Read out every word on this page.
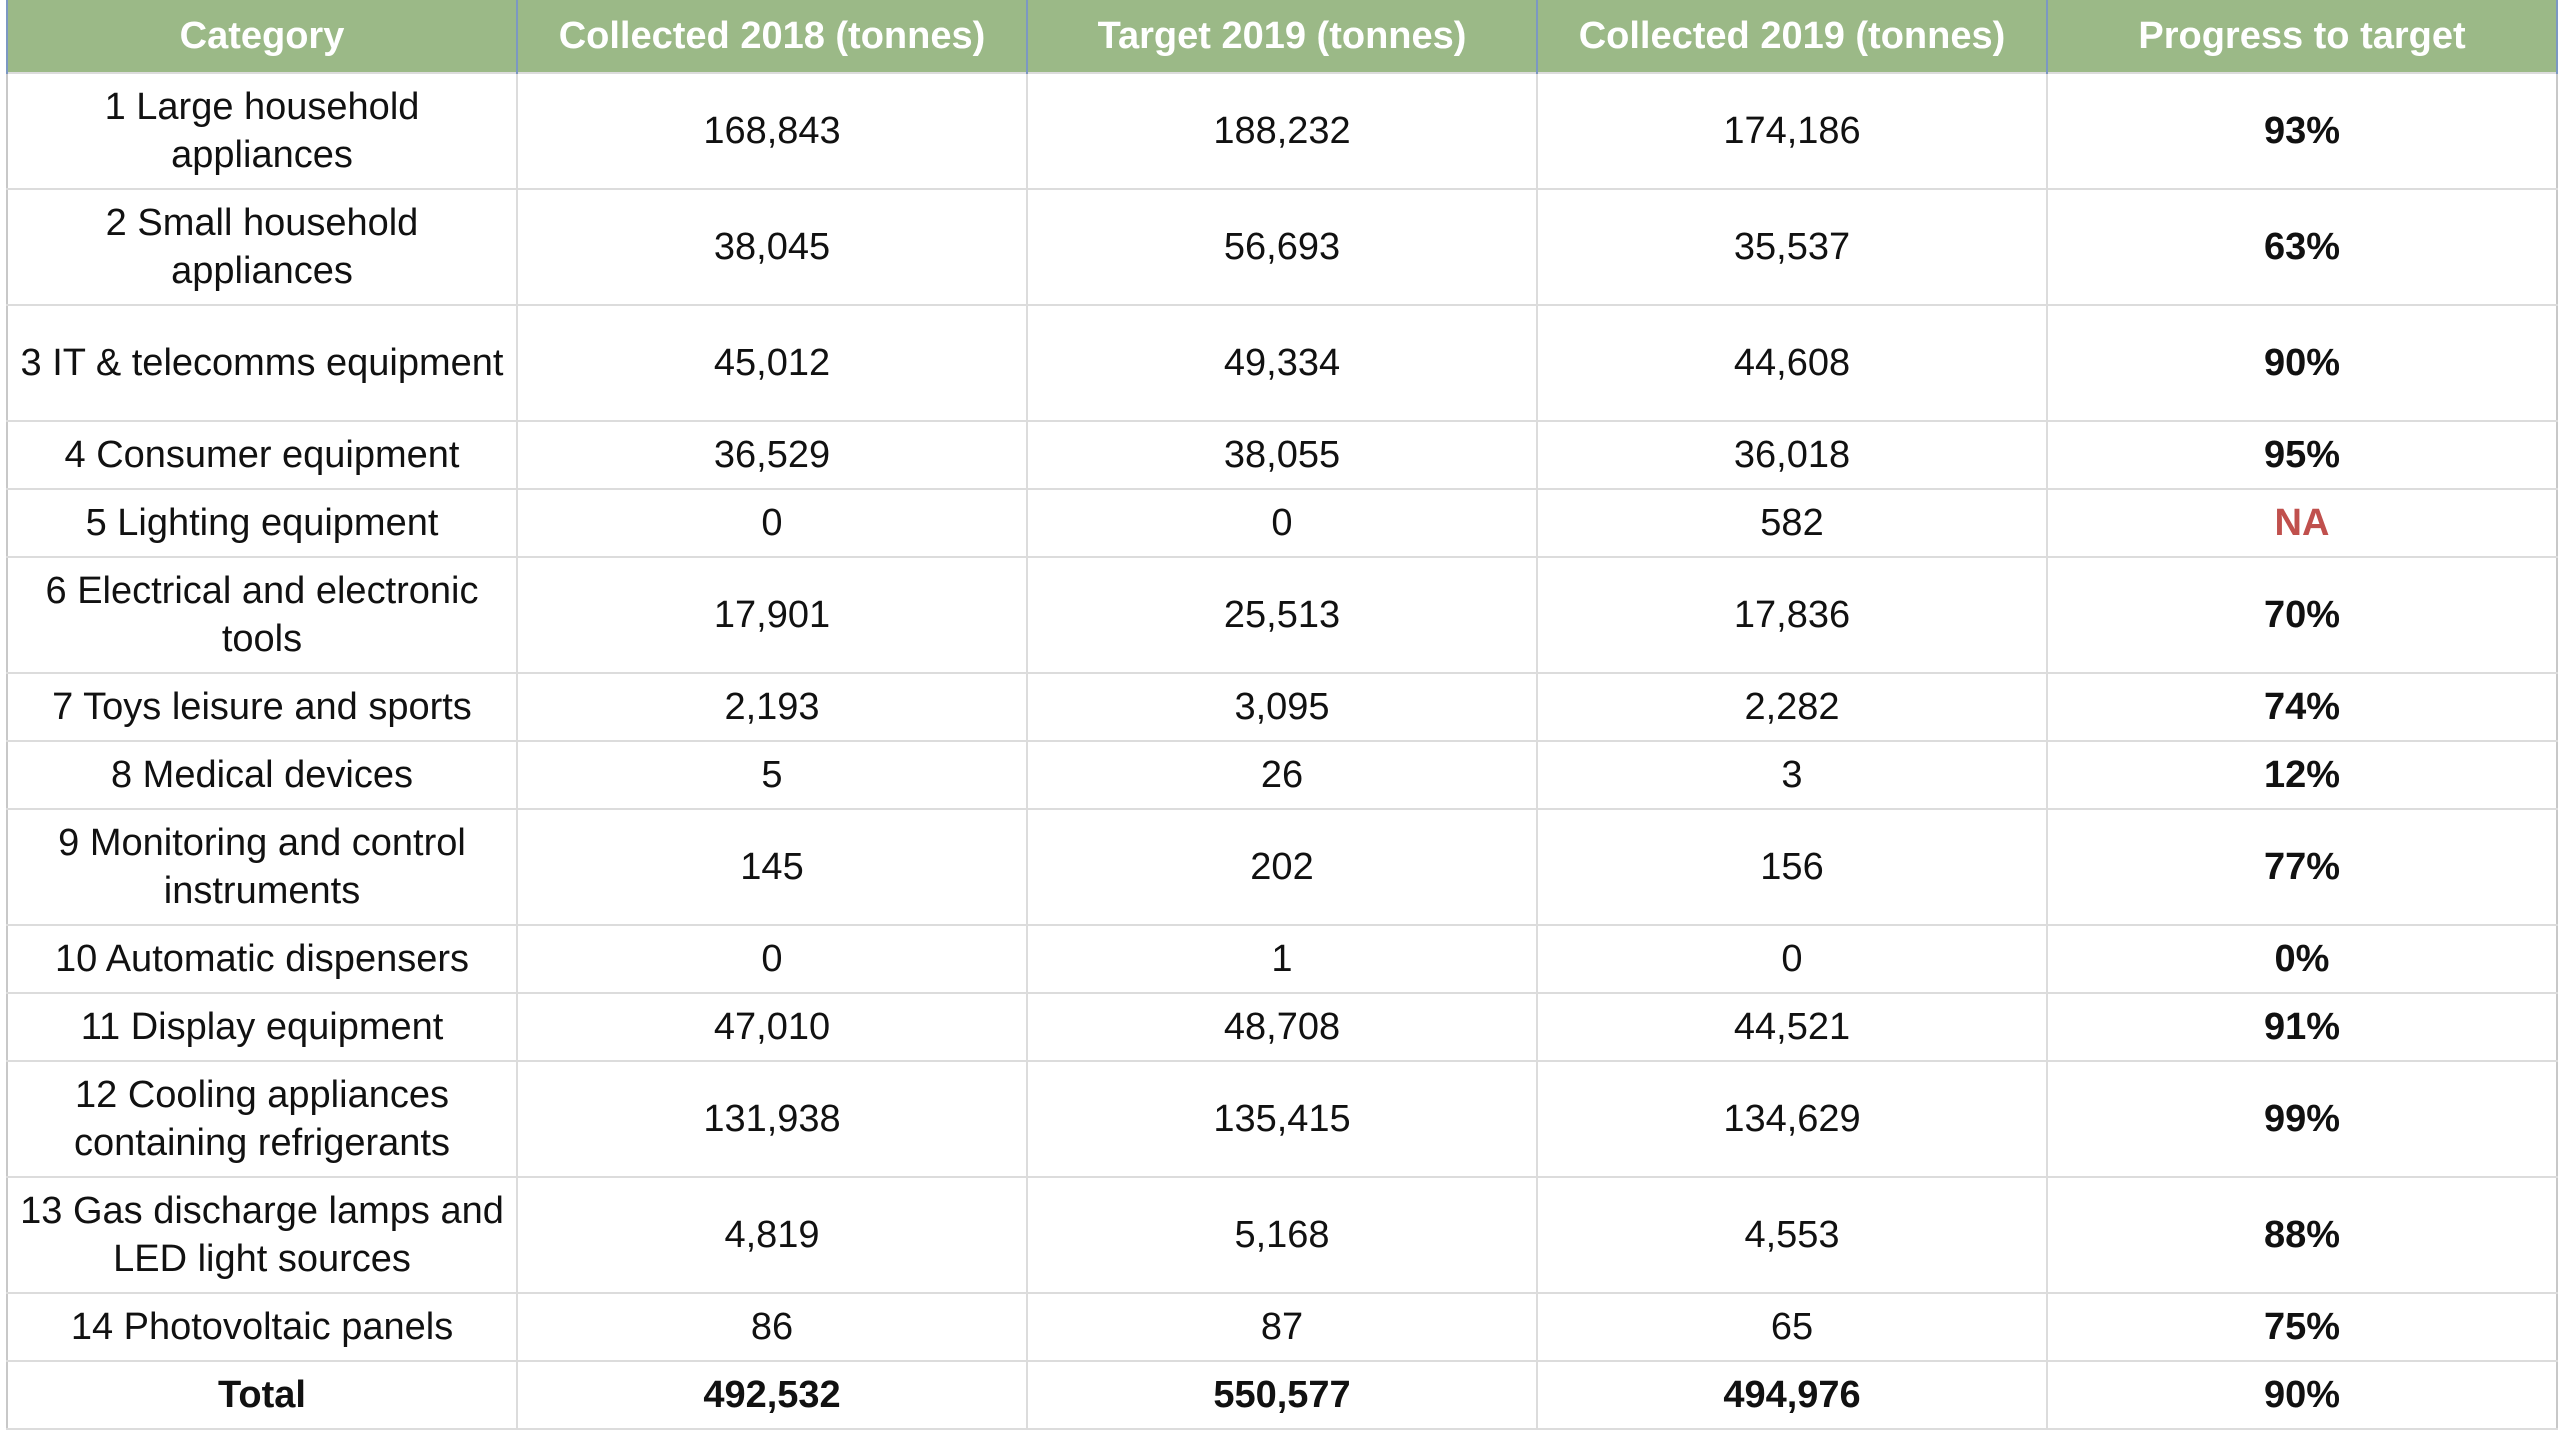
Category	Collected 2018 (tonnes)	Target 2019 (tonnes)	Collected 2019 (tonnes)	Progress to target
1 Large household appliances	168,843	188,232	174,186	93%
2 Small household appliances	38,045	56,693	35,537	63%
3 IT & telecomms equipment	45,012	49,334	44,608	90%
4 Consumer equipment	36,529	38,055	36,018	95%
5 Lighting equipment	0	0	582	NA
6 Electrical and electronic tools	17,901	25,513	17,836	70%
7 Toys leisure and sports	2,193	3,095	2,282	74%
8 Medical devices	5	26	3	12%
9 Monitoring and control instruments	145	202	156	77%
10 Automatic dispensers	0	1	0	0%
11 Display equipment	47,010	48,708	44,521	91%
12 Cooling appliances containing refrigerants	131,938	135,415	134,629	99%
13 Gas discharge lamps and LED light sources	4,819	5,168	4,553	88%
14 Photovoltaic panels	86	87	65	75%
Total	492,532	550,577	494,976	90%
